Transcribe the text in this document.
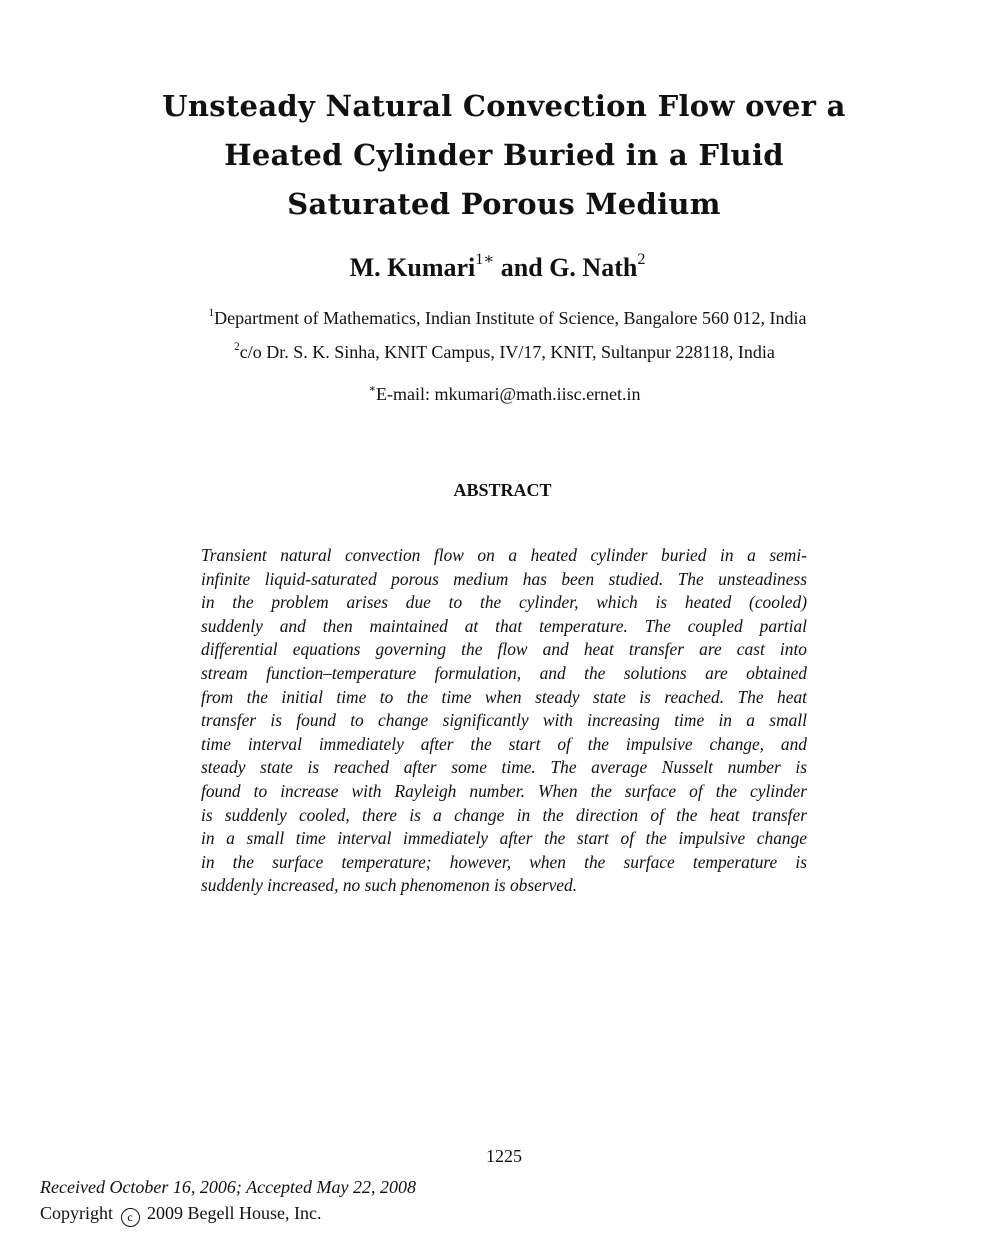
Unsteady Natural Convection Flow over a
Heated Cylinder Buried in a Fluid
Saturated Porous Medium
M. Kumari$^{1∗}$ and G. Nath$^2$
$^1$Department of Mathematics, Indian Institute of Science, Bangalore 560 012, India
$^2$c/o Dr. S. K. Sinha, KNIT Campus, IV/17, KNIT, Sultanpur 228118, India
∗E-mail: mkumari@math.iisc.ernet.in
ABSTRACT
Transient natural convection flow on a heated cylinder buried in a semi-
infinite liquid-saturated porous medium has been studied. The unsteadiness
in the problem arises due to the cylinder, which is heated (cooled)
suddenly and then maintained at that temperature. The coupled partial
differential equations governing the flow and heat transfer are cast into
stream function–temperature formulation, and the solutions are obtained
from the initial time to the time when steady state is reached. The heat
transfer is found to change significantly with increasing time in a small
time interval immediately after the start of the impulsive change, and
steady state is reached after some time. The average Nusselt number is
found to increase with Rayleigh number. When the surface of the cylinder
is suddenly cooled, there is a change in the direction of the heat transfer
in a small time interval immediately after the start of the impulsive change
in the surface temperature; however, when the surface temperature is
suddenly increased, no such phenomenon is observed.
1225
Received October 16, 2006; Accepted May 22, 2008
Copyright c 2009 Begell House, Inc.
